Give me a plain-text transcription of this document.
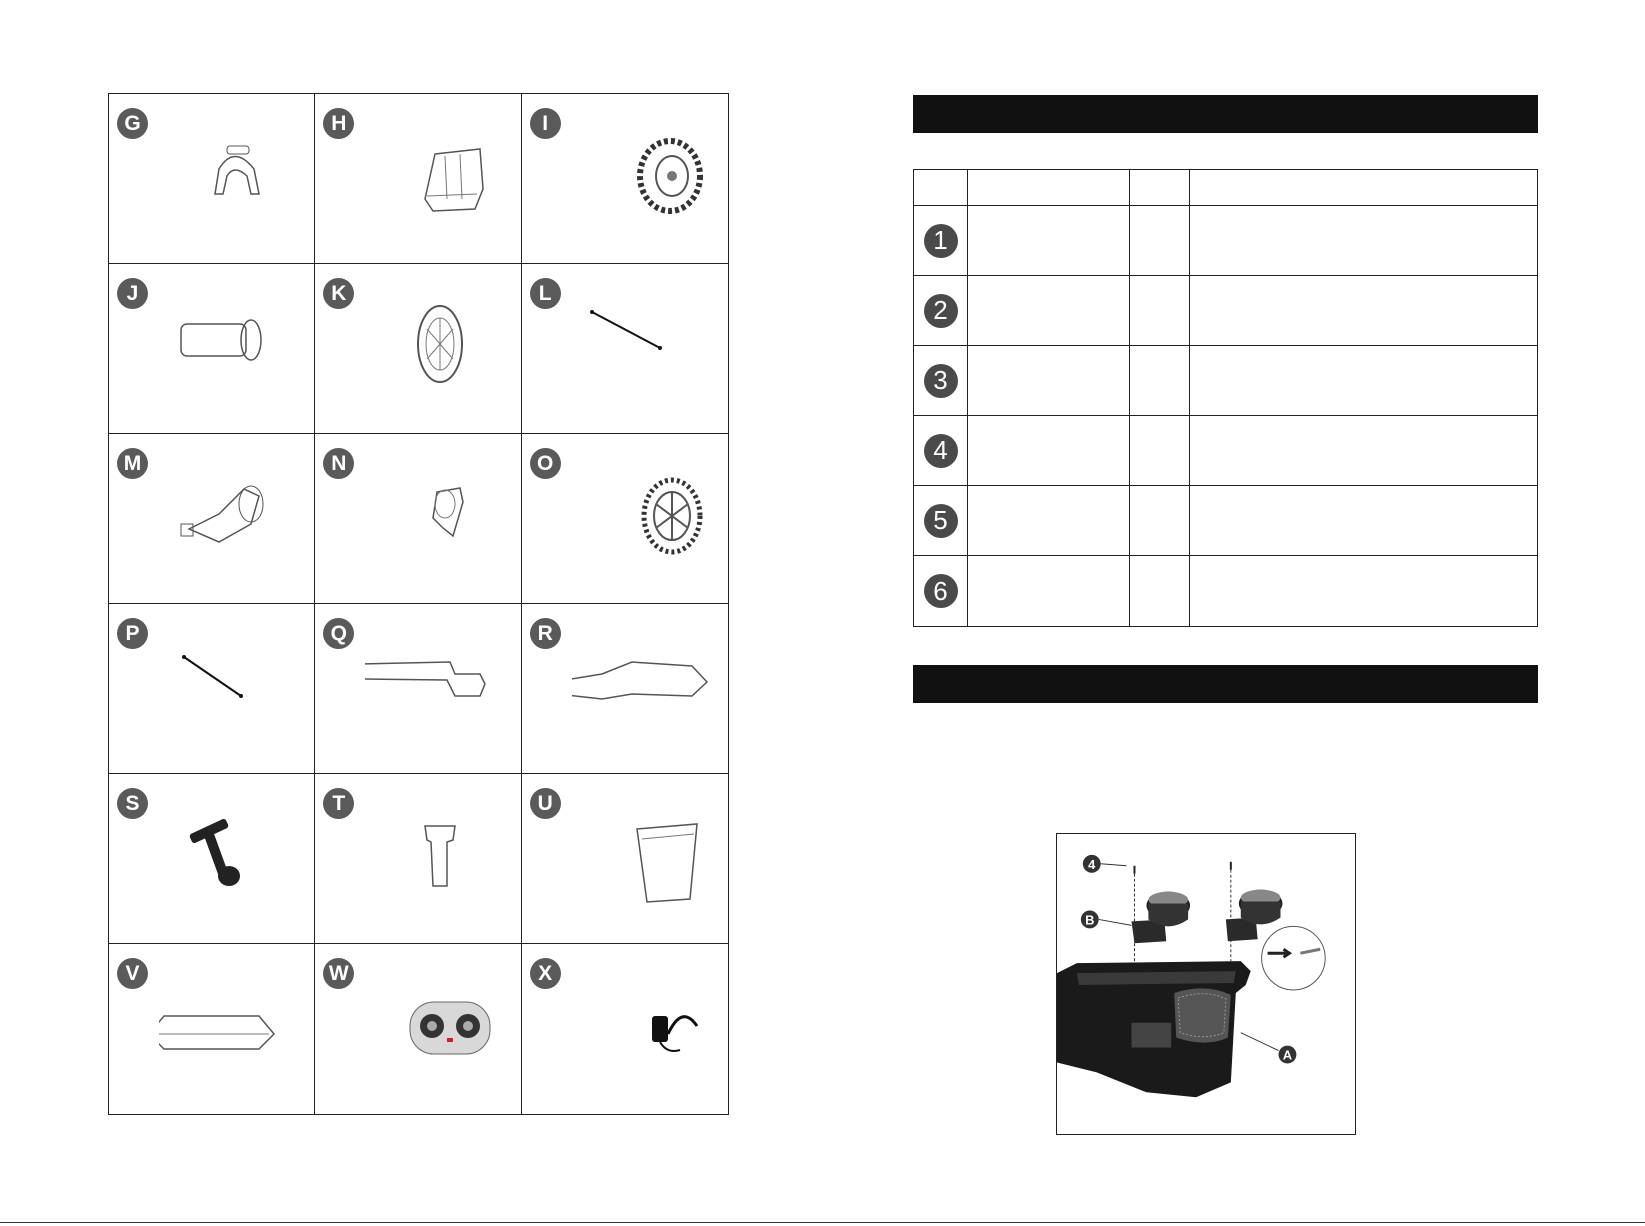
G	H	I
J	K	L
M	N	O
P	Q	R
S	T	U
V	W	X
1
2
3
4
5
6
4
B
A
